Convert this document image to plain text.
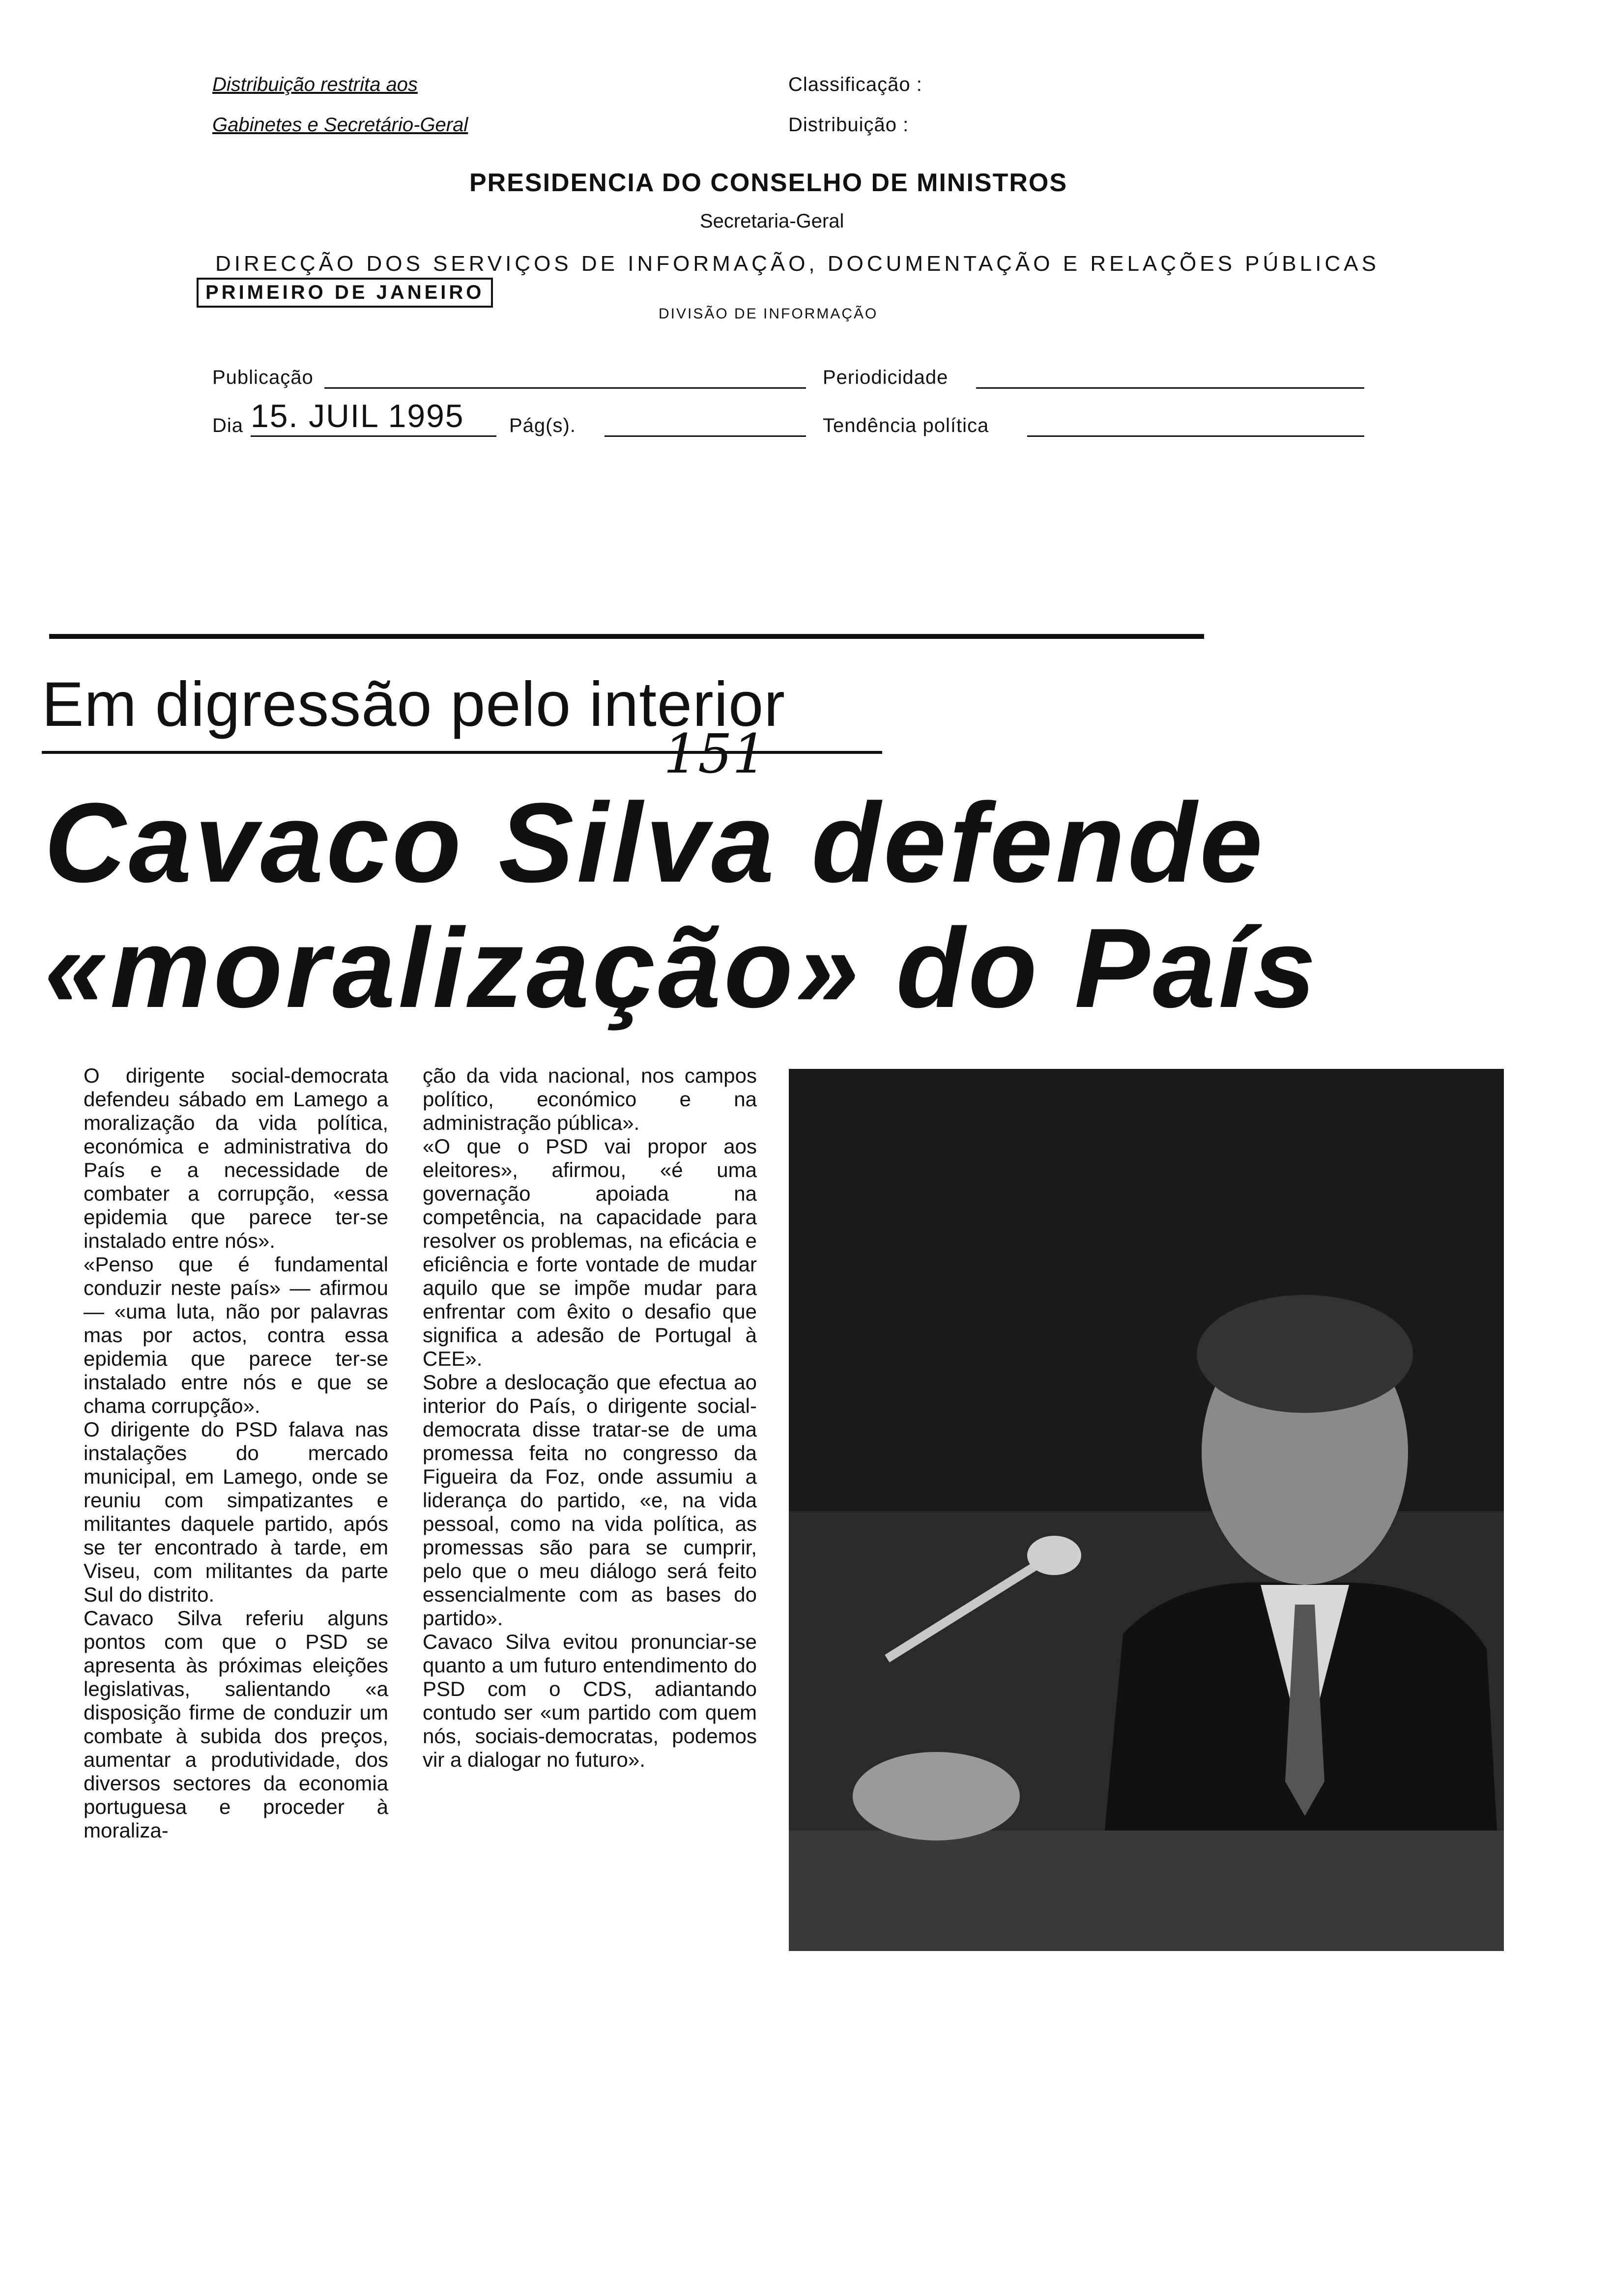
Distribuição restrita aos
Gabinetes e Secretário-Geral
Classificação :
Distribuição :
PRESIDENCIA DO CONSELHO DE MINISTROS
Secretaria-Geral
DIRECÇÃO DOS SERVIÇOS DE INFORMAÇÃO, DOCUMENTAÇÃO E RELAÇÕES PÚBLICAS
PRIMEIRO DE JANEIRO
DIVISÃO DE INFORMAÇÃO
Publicação	Periodicidade
Dia 15. JUIL 1995 Pág(s).	Tendência política
Em digressão pelo interior
151
Cavaco Silva defende
«moralização» do País
O dirigente social-democrata defendeu sábado em Lamego a moralização da vida política, económica e administrativa do País e a necessidade de combater a corrupção, «essa epidemia que parece ter-se instalado entre nós».
«Penso que é fundamental conduzir neste país» — afirmou — «uma luta, não por palavras mas por actos, contra essa epidemia que parece ter-se instalado entre nós e que se chama corrupção».
O dirigente do PSD falava nas instalações do mercado municipal, em Lamego, onde se reuniu com simpatizantes e militantes daquele partido, após se ter encontrado à tarde, em Viseu, com militantes da parte Sul do distrito.
Cavaco Silva referiu alguns pontos com que o PSD se apresenta às próximas eleições legislativas, salientando «a disposição firme de conduzir um combate à subida dos preços, aumentar a produtividade, dos diversos sectores da economia portuguesa e proceder à moraliza-
ção da vida nacional, nos campos político, económico e na administração pública».
«O que o PSD vai propor aos eleitores», afirmou, «é uma governação apoiada na competência, na capacidade para resolver os problemas, na eficácia e eficiência e forte vontade de mudar aquilo que se impõe mudar para enfrentar com êxito o desafio que significa a adesão de Portugal à CEE».
Sobre a deslocação que efectua ao interior do País, o dirigente social-democrata disse tratar-se de uma promessa feita no congresso da Figueira da Foz, onde assumiu a liderança do partido, «e, na vida pessoal, como na vida política, as promessas são para se cumprir, pelo que o meu diálogo será feito essencialmente com as bases do partido».
Cavaco Silva evitou pronunciar-se quanto a um futuro entendimento do PSD com o CDS, adiantando contudo ser «um partido com quem nós, sociais-democratas, podemos vir a dialogar no futuro».
